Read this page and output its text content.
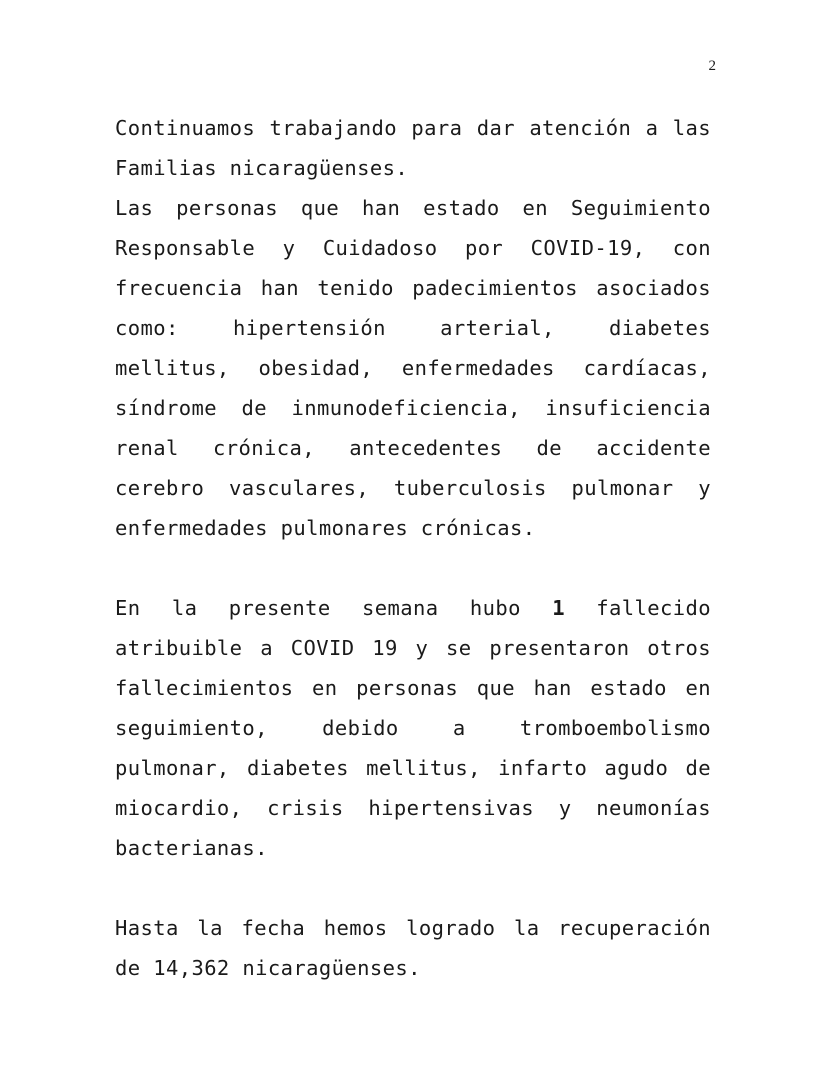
2

Continuamos trabajando para dar atención a las Familias nicaragüenses.

Las personas que han estado en Seguimiento Responsable y Cuidadoso por COVID-19, con frecuencia han tenido padecimientos asociados como: hipertensión arterial, diabetes mellitus, obesidad, enfermedades cardíacas, síndrome de inmunodeficiencia, insuficiencia renal crónica, antecedentes de accidente cerebro vasculares, tuberculosis pulmonar y enfermedades pulmonares crónicas.

En la presente semana hubo 1 fallecido atribuible a COVID 19 y se presentaron otros fallecimientos en personas que han estado en seguimiento, debido a tromboembolismo pulmonar, diabetes mellitus, infarto agudo de miocardio, crisis hipertensivas y neumonías bacterianas.

Hasta la fecha hemos logrado la recuperación de 14,362 nicaragüenses.
